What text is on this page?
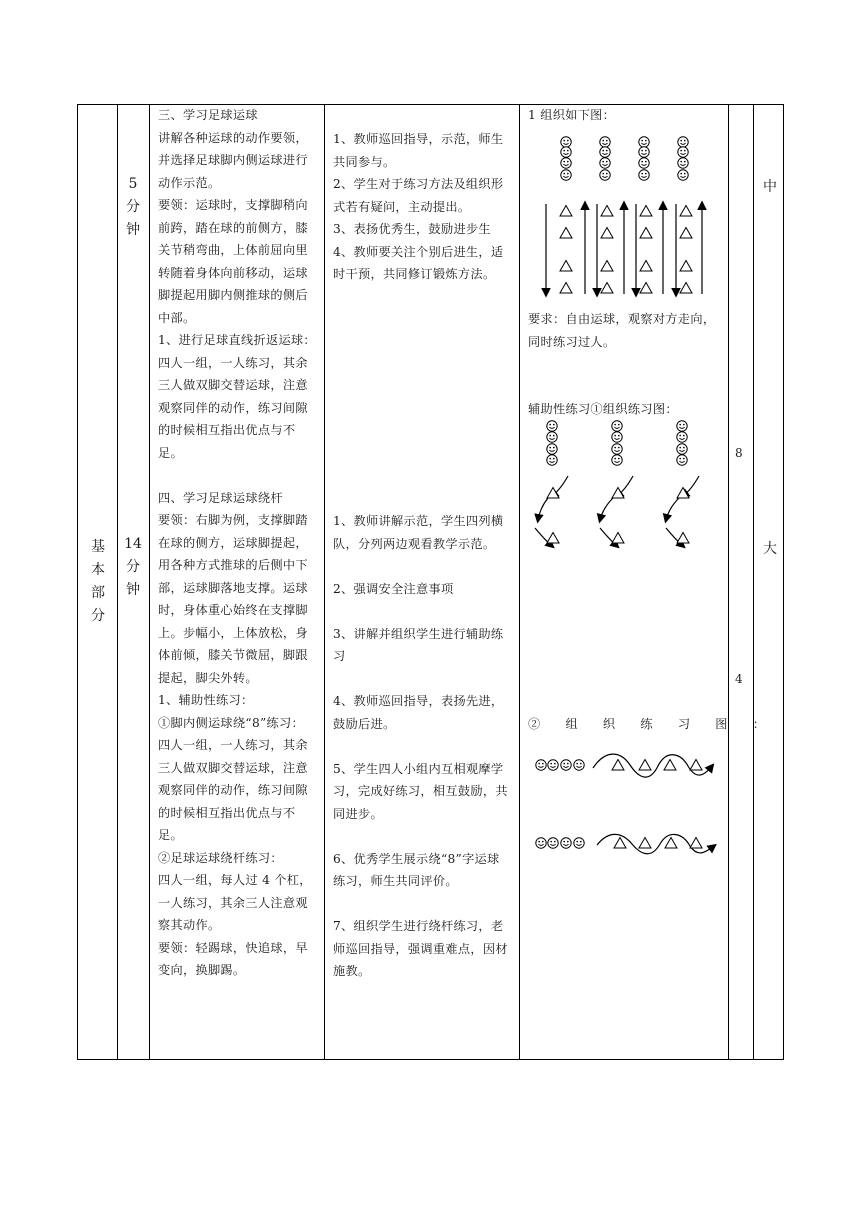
基
本
部
分
5
分
钟
14
分
钟
三、学习足球运球
讲解各种运球的动作要领，
并选择足球脚内侧运球进行
动作示范。
要领：运球时，支撑脚稍向
前跨，踏在球的前侧方，膝
关节稍弯曲，上体前屈向里
转随着身体向前移动，运球
脚提起用脚内侧推球的侧后
中部。
1、进行足球直线折返运球：
四人一组，一人练习，其余
三人做双脚交替运球，注意
观察同伴的动作，练习间隙
的时候相互指出优点与不
足。

四、学习足球运球绕杆
要领：右脚为例，支撑脚踏
在球的侧方，运球脚提起，
用各种方式推球的后侧中下
部，运球脚落地支撑。运球
时，身体重心始终在支撑脚
上。步幅小，上体放松，身
体前倾，膝关节微屈，脚跟
提起，脚尖外转。
1、辅助性练习：
①脚内侧运球绕“8”练习：
四人一组，一人练习，其余
三人做双脚交替运球，注意
观察同伴的动作，练习间隙
的时候相互指出优点与不
足。
②足球运球绕杆练习：
四人一组，每人过 4 个杠，
一人练习，其余三人注意观
察其动作。
要领：轻踢球，快追球，早
变向，换脚踢。
1、教师巡回指导，示范，师生
共同参与。
2、学生对于练习方法及组织形
式若有疑问，主动提出。
3、表扬优秀生，鼓励进步生
4、教师要关注个别后进生，适
时干预，共同修订锻炼方法。
1、教师讲解示范，学生四列横
队，分列两边观看教学示范。

2、强调安全注意事项

3、讲解并组织学生进行辅助练
习

4、教师巡回指导，表扬先进，
鼓励后进。

5、学生四人小组内互相观摩学
习，完成好练习，相互鼓励，共
同进步。

6、优秀学生展示绕“8”字运球
练习，师生共同评价。

7、组织学生进行绕杆练习，老
师巡回指导，强调重难点，因材
施教。
1 组织如下图：
要求：自由运球，观察对方走向，
同时练习过人。
辅助性练习①组织练习图：
②　　组　　织　　练　　习　　图　　：
8
4
中
大
